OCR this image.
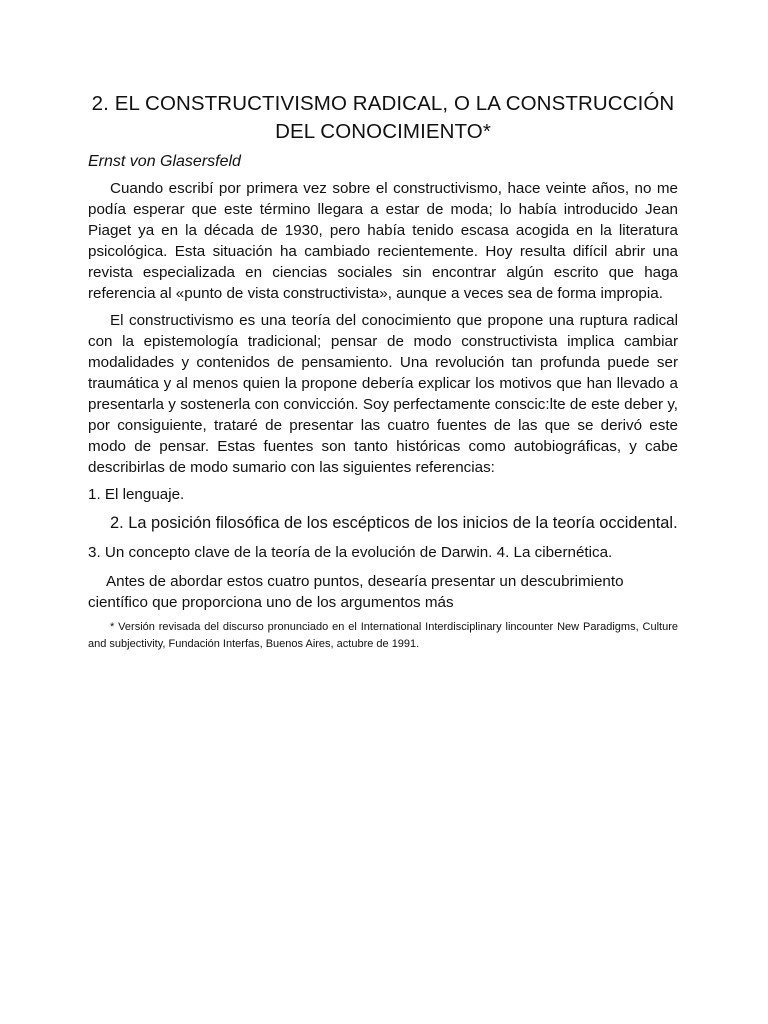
2. EL CONSTRUCTIVISMO RADICAL, O LA CONSTRUCCIÓN
DEL CONOCIMIENTO*
Ernst von Glasersfeld

Cuando escribí por primera vez sobre el constructivismo, hace veinte años, no me podía esperar que este término llegara a estar de moda; lo había introducido Jean Piaget ya en la década de 1930, pero había tenido escasa acogida en la literatura psicológica. Esta situación ha cambiado recientemente. Hoy resulta difícil abrir una revista especializada en ciencias sociales sin encontrar algún escrito que haga referencia al «punto de vista constructivista», aunque a veces sea de forma impropia.

El constructivismo es una teoría del conocimiento que propone una ruptura radical con la epistemología tradicional; pensar de modo constructivista implica cambiar modalidades y contenidos de pensamiento. Una revolución tan profunda puede ser traumática y al menos quien la propone debería explicar los motivos que han llevado a presentarla y sostenerla con convicción. Soy perfectamente conscic:lte de este deber y, por consiguiente, trataré de presentar las cuatro fuentes de las que se derivó este modo de pensar. Estas fuentes son tanto históricas como autobiográficas, y cabe describirlas de modo sumario con las siguientes referencias:

1. El lenguaje.
2. La posición filosófica de los escépticos de los inicios de la teoría occidental.
3. Un concepto clave de la teoría de la evolución de Darwin. 4. La cibernética.

Antes de abordar estos cuatro puntos, desearía presentar un descubrimiento científico que proporciona uno de los argumentos más

* Versión revisada del discurso pronunciado en el International Interdisciplinary lincounter New Paradigms, Culture and subjectivity, Fundación Interfas, Buenos Aires, actubre de 1991.
